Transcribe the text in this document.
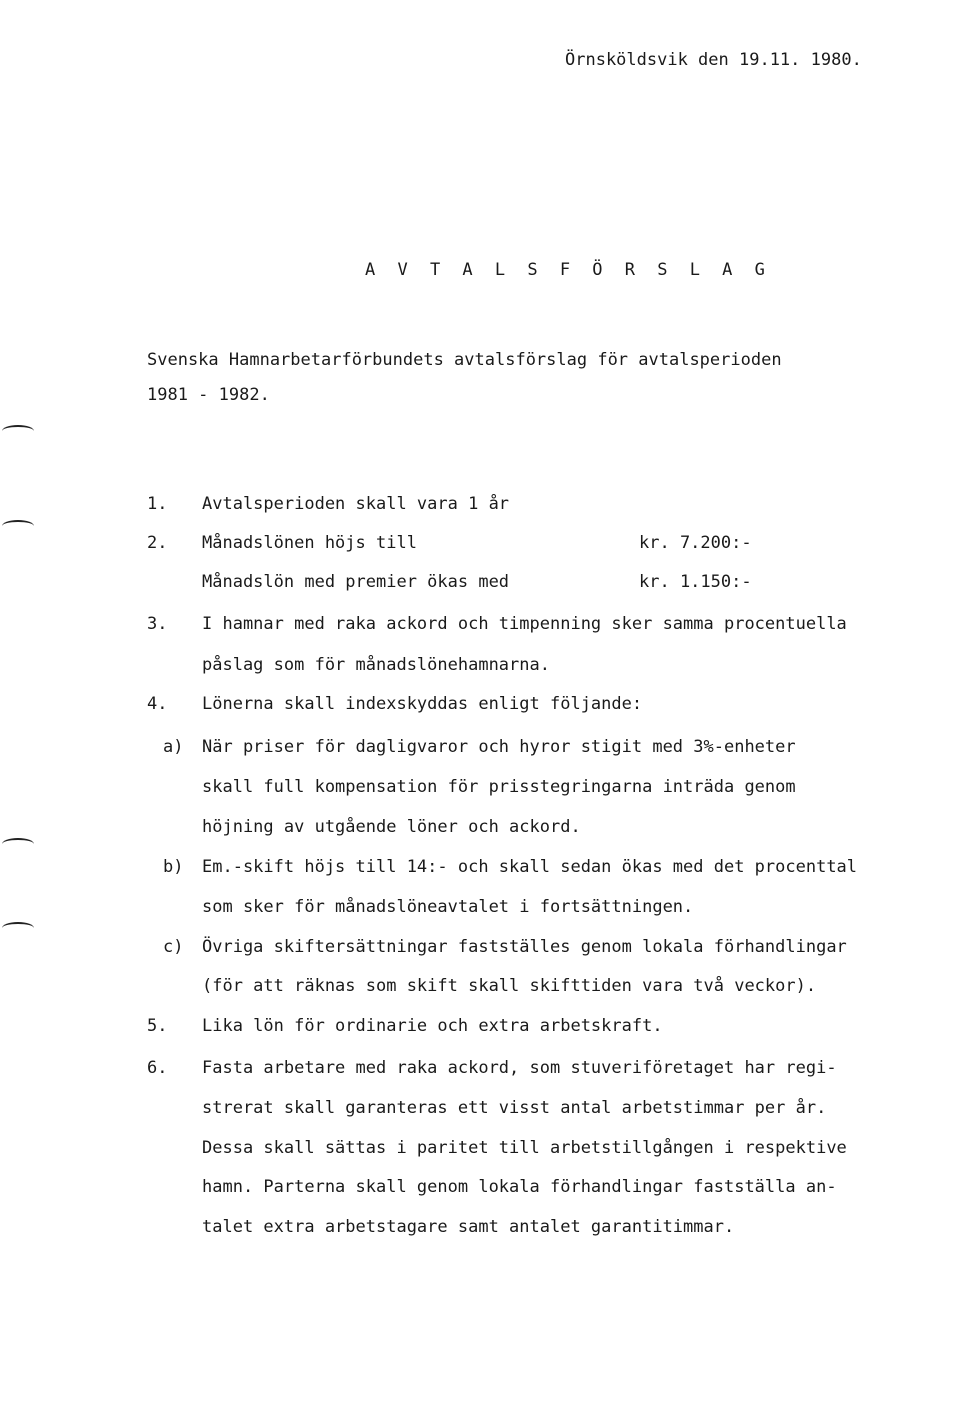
Örnsköldsvik den 19.11. 1980.
A V T A L S F Ö R S L A G
Svenska Hamnarbetarförbundets avtalsförslag för avtalsperioden
1981 - 1982.
1. Avtalsperioden skall vara 1 år
2. Månadslönen höjs till	kr. 7.200:-
Månadslön med premier ökas med	kr. 1.150:-
3. I hamnar med raka ackord och timpenning sker samma procentuella
påslag som för månadslönehamnarna.
4. Lönerna skall indexskyddas enligt följande:
a) När priser för dagligvaror och hyror stigit med 3%-enheter
skall full kompensation för prisstegringarna inträda genom
höjning av utgående löner och ackord.
b) Em.-skift höjs till 14:- och skall sedan ökas med det procenttal
som sker för månadslöneavtalet i fortsättningen.
c) Övriga skiftersättningar fastställes genom lokala förhandlingar
(för att räknas som skift skall skifttiden vara två veckor).
5. Lika lön för ordinarie och extra arbetskraft.
6. Fasta arbetare med raka ackord, som stuveriföretaget har regi-
strerat skall garanteras ett visst antal arbetstimmar per år.
Dessa skall sättas i paritet till arbetstillgången i respektive
hamn. Parterna skall genom lokala förhandlingar fastställa an-
talet extra arbetstagare samt antalet garantitimmar.
